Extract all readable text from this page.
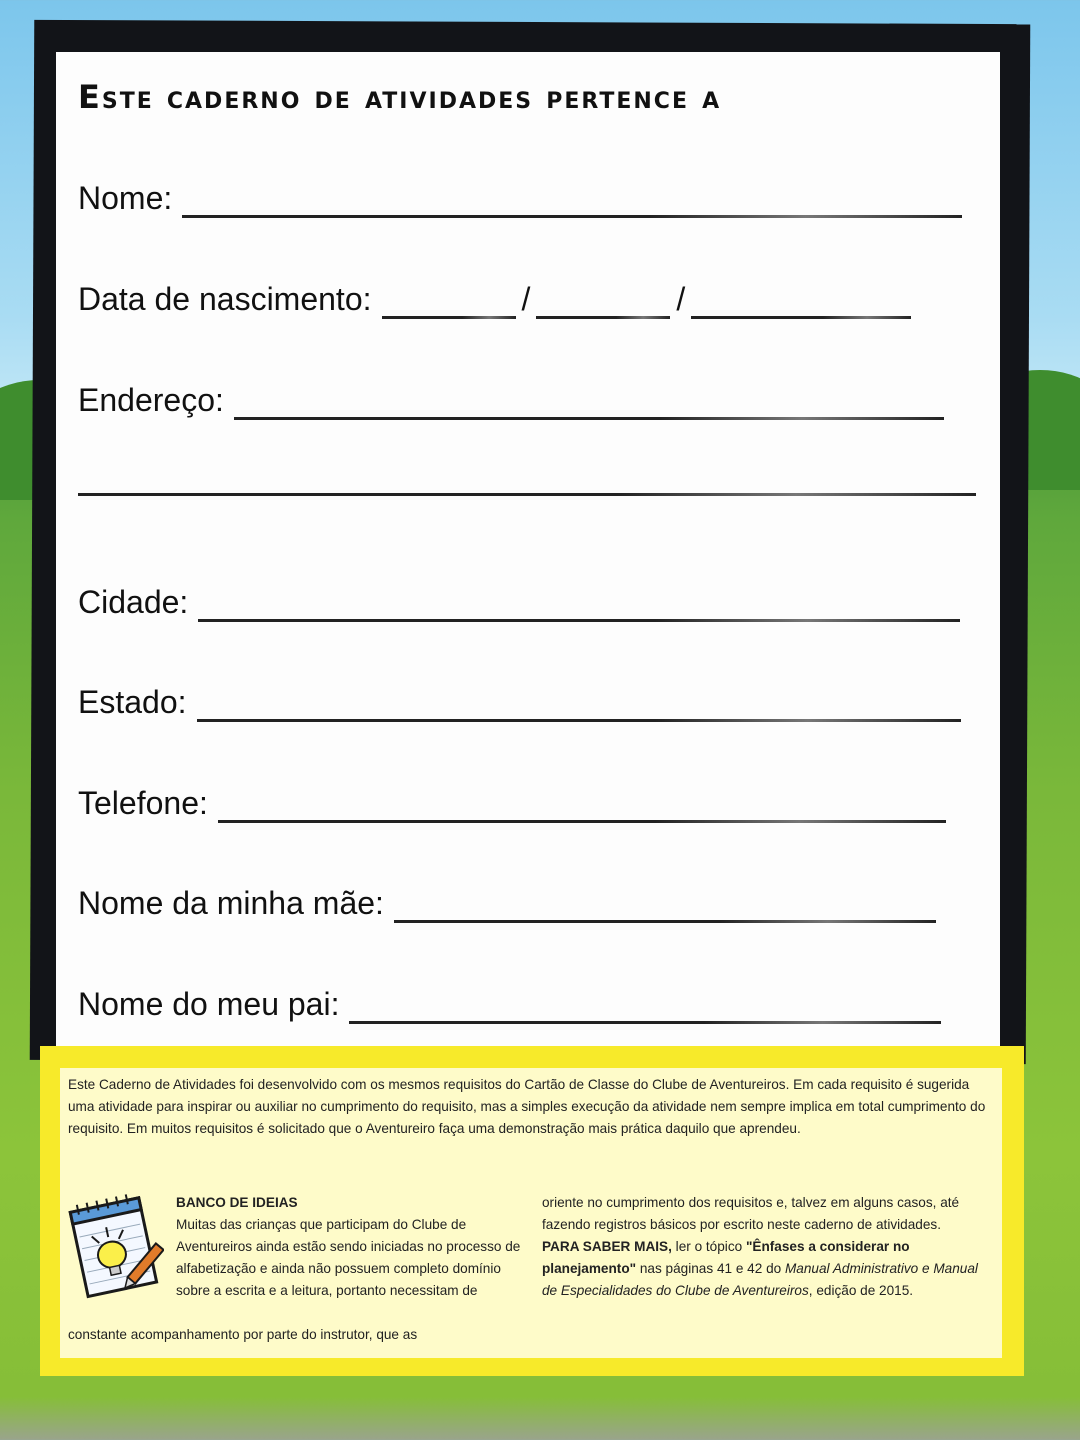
Este caderno de atividades pertence a
Nome:
Data de nascimento:	/	/
Endereço:
Cidade:
Estado:
Telefone:
Nome da minha mãe:
Nome do meu pai:
Este Caderno de Atividades foi desenvolvido com os mesmos requisitos do Cartão de Classe do Clube de Aventureiros. Em cada requisito é sugerida uma atividade para inspirar ou auxiliar no cumprimento do requisito, mas a simples execução da atividade nem sempre implica em total cumprimento do requisito. Em muitos requisitos é solicitado que o Aventureiro faça uma demonstração mais prática daquilo que aprendeu.
BANCO DE IDEIAS
Muitas das crianças que participam do Clube de Aventureiros ainda estão sendo iniciadas no processo de alfabetização e ainda não possuem completo domínio sobre a escrita e a leitura, portanto necessitam de
constante acompanhamento por parte do instrutor, que as
oriente no cumprimento dos requisitos e, talvez em alguns casos, até fazendo registros básicos por escrito neste caderno de atividades.
PARA SABER MAIS, ler o tópico "Ênfases a considerar no planejamento" nas páginas 41 e 42 do Manual Administrativo e Manual de Especialidades do Clube de Aventureiros, edição de 2015.
